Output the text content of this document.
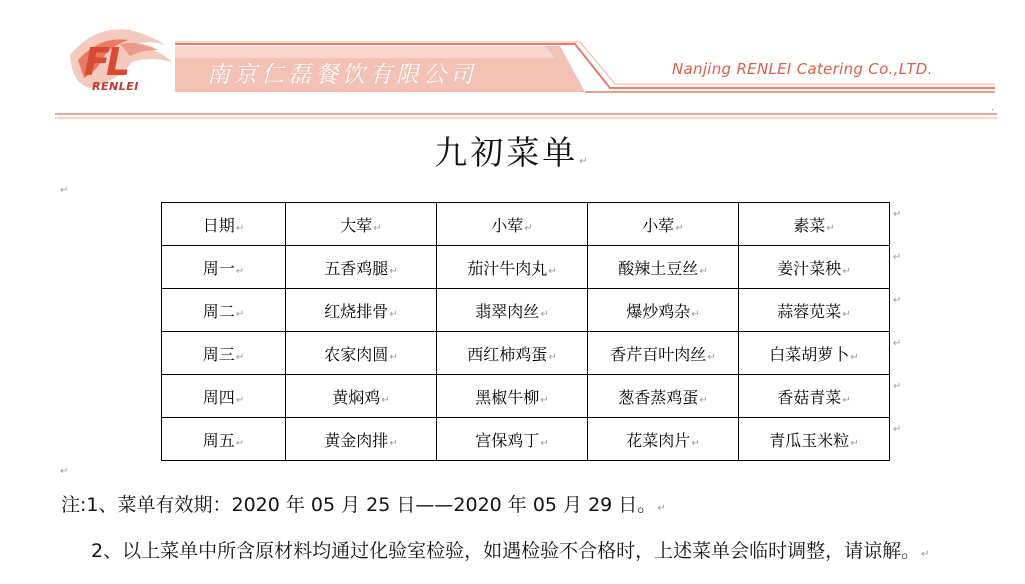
FL
RENLEI	南京仁磊餐饮有限公司	Nanjing RENLEI Catering Co.,LTD.
.
九初菜单↵
↵
日期↵	大荤↵	小荤↵	小荤↵	素菜↵
周一↵	五香鸡腿↵	茄汁牛肉丸↵	酸辣土豆丝↵	姜汁菜秧↵
周二↵	红烧排骨↵	翡翠肉丝↵	爆炒鸡杂↵	蒜蓉苋菜↵
周三↵	农家肉圆↵	西红柿鸡蛋↵	香芹百叶肉丝↵	白菜胡萝卜↵
周四↵	黄焖鸡↵	黑椒牛柳↵	葱香蒸鸡蛋↵	香菇青菜↵
周五↵	黄金肉排↵	宫保鸡丁↵	花菜肉片↵	青瓜玉米粒↵
↵
↵
↵
↵
↵
↵
↵
注:1、菜单有效期：2020 年 05 月 25 日——2020 年 05 月 29 日。↵
2、以上菜单中所含原材料均通过化验室检验，如遇检验不合格时，上述菜单会临时调整，请谅解。↵
